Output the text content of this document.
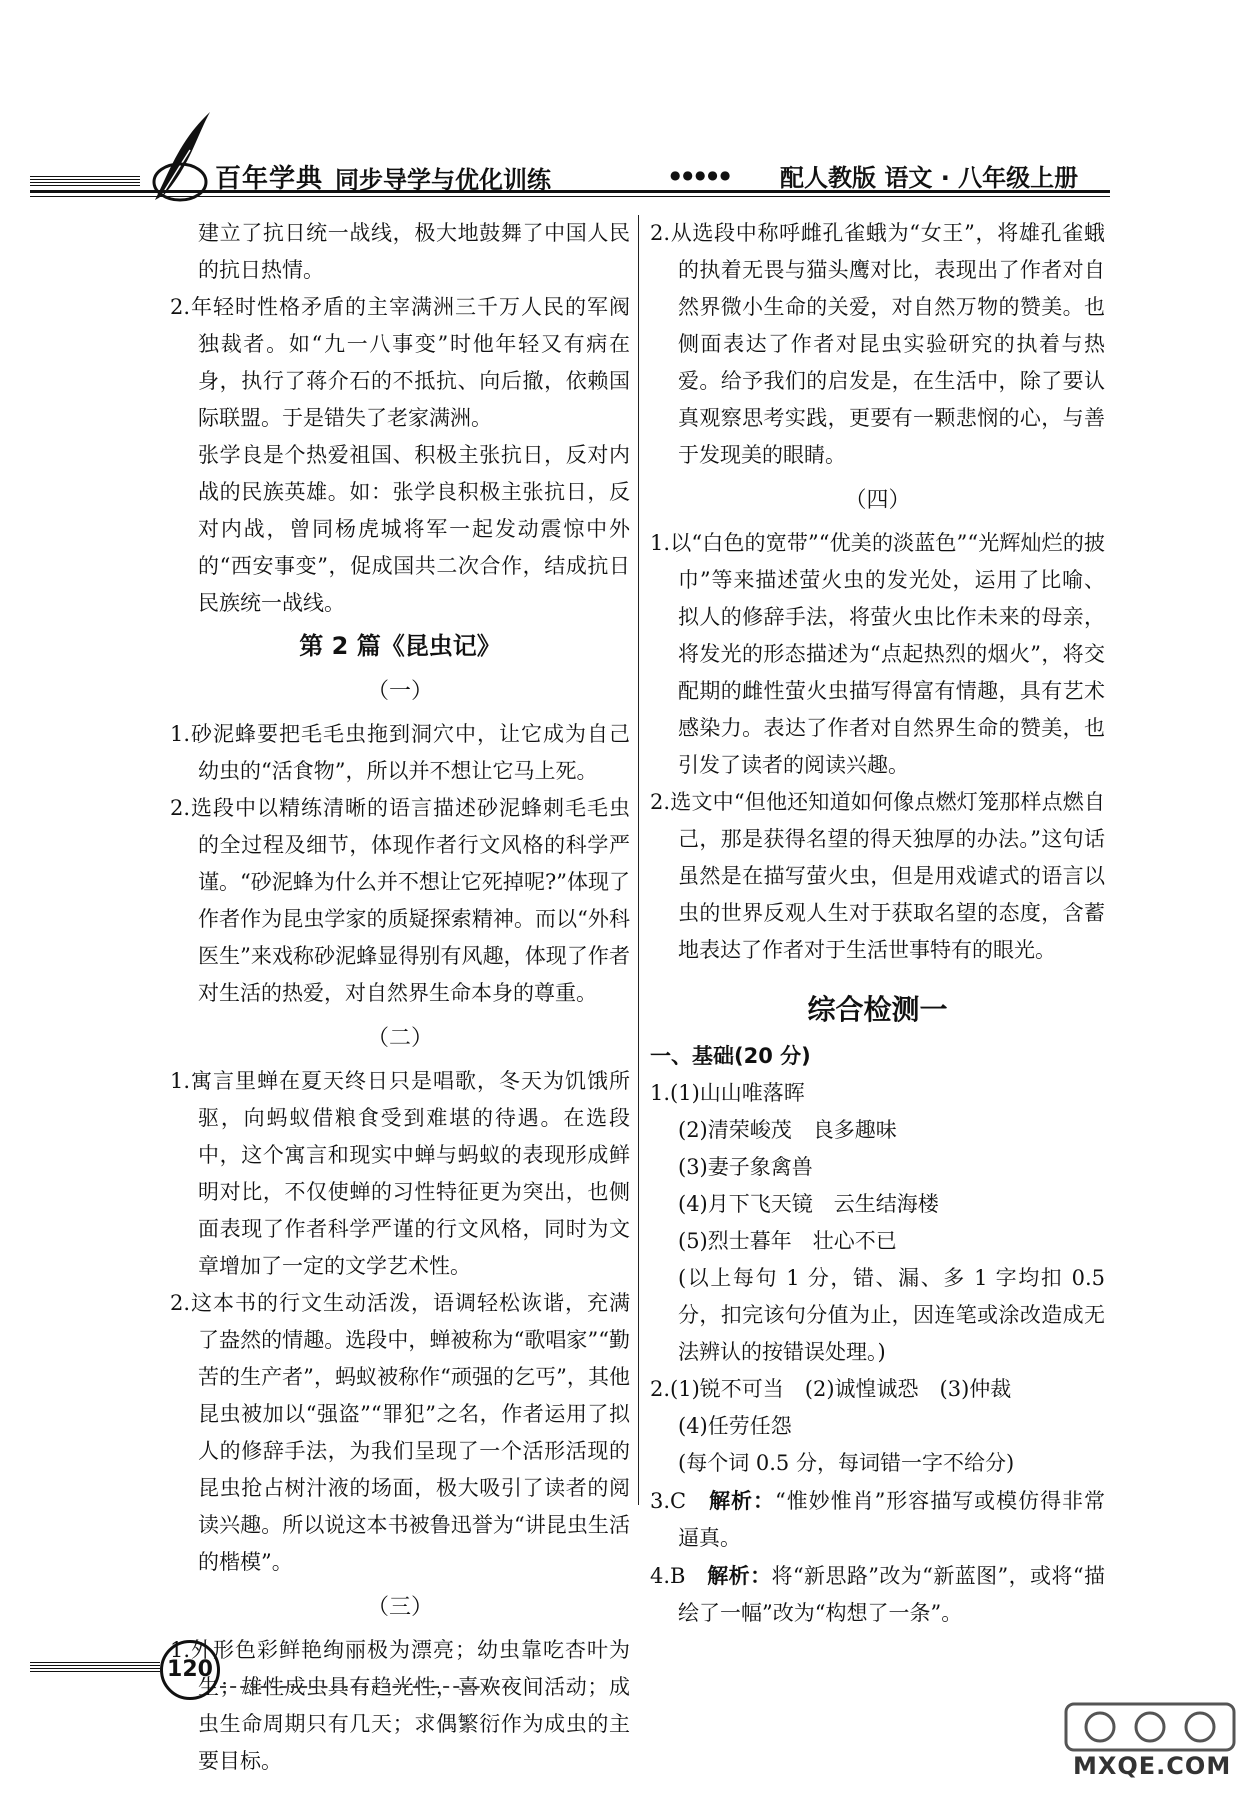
百年学典 同步导学与优化训练	●●●●● 配人教版 语文 · 八年级上册

建立了抗日统一战线，极大地鼓舞了中国人民的抗日热情。

2.年轻时性格矛盾的主宰满洲三千万人民的军阀独裁者。如“九一八事变”时他年轻又有病在身，执行了蒋介石的不抵抗、向后撤，依赖国际联盟。于是错失了老家满洲。

张学良是个热爱祖国、积极主张抗日，反对内战的民族英雄。如：张学良积极主张抗日，反对内战，曾同杨虎城将军一起发动震惊中外的“西安事变”，促成国共二次合作，结成抗日民族统一战线。

第 2 篇《昆虫记》
（一）

1.砂泥蜂要把毛毛虫拖到洞穴中，让它成为自己幼虫的“活食物”，所以并不想让它马上死。

2.选段中以精练清晰的语言描述砂泥蜂刺毛毛虫的全过程及细节，体现作者行文风格的科学严谨。“砂泥蜂为什么并不想让它死掉呢?”体现了作者作为昆虫学家的质疑探索精神。而以“外科医生”来戏称砂泥蜂显得别有风趣，体现了作者对生活的热爱，对自然界生命本身的尊重。

（二）

1.寓言里蝉在夏天终日只是唱歌，冬天为饥饿所驱，向蚂蚁借粮食受到难堪的待遇。在选段中，这个寓言和现实中蝉与蚂蚁的表现形成鲜明对比，不仅使蝉的习性特征更为突出，也侧面表现了作者科学严谨的行文风格，同时为文章增加了一定的文学艺术性。

2.这本书的行文生动活泼，语调轻松诙谐，充满了盎然的情趣。选段中，蝉被称为“歌唱家”“勤苦的生产者”，蚂蚁被称作“顽强的乞丐”，其他昆虫被加以“强盗”“罪犯”之名，作者运用了拟人的修辞手法，为我们呈现了一个活形活现的昆虫抢占树汁液的场面，极大吸引了读者的阅读兴趣。所以说这本书被鲁迅誉为“讲昆虫生活的楷模”。

（三）

1.外形色彩鲜艳绚丽极为漂亮；幼虫靠吃杏叶为生；雄性成虫具有趋光性，喜欢夜间活动；成虫生命周期只有几天；求偶繁衍作为成虫的主要目标。

2.从选段中称呼雌孔雀蛾为“女王”，将雄孔雀蛾的执着无畏与猫头鹰对比，表现出了作者对自然界微小生命的关爱，对自然万物的赞美。也侧面表达了作者对昆虫实验研究的执着与热爱。给予我们的启发是，在生活中，除了要认真观察思考实践，更要有一颗悲悯的心，与善于发现美的眼睛。

（四）

1.以“白色的宽带”“优美的淡蓝色”“光辉灿烂的披巾”等来描述萤火虫的发光处，运用了比喻、拟人的修辞手法，将萤火虫比作未来的母亲，将发光的形态描述为“点起热烈的烟火”，将交配期的雌性萤火虫描写得富有情趣，具有艺术感染力。表达了作者对自然界生命的赞美，也引发了读者的阅读兴趣。

2.选文中“但他还知道如何像点燃灯笼那样点燃自己，那是获得名望的得天独厚的办法。”这句话虽然是在描写萤火虫，但是用戏谑式的语言以虫的世界反观人生对于获取名望的态度，含蓄地表达了作者对于生活世事特有的眼光。

综合检测一

一、基础(20 分)

1.(1)山山唯落晖

(2)清荣峻茂　良多趣味

(3)妻子象禽兽

(4)月下飞天镜　云生结海楼

(5)烈士暮年　壮心不已

(以上每句 1 分，错、漏、多 1 字均扣 0.5 分，扣完该句分值为止，因连笔或涂改造成无法辨认的按错误处理。)

2.(1)锐不可当　(2)诚惶诚恐　(3)仲裁

(4)任劳任怨

(每个词 0.5 分，每词错一字不给分)

3.C　 解析：“惟妙惟肖”形容描写或模仿得非常逼真。

4.B　 解析：将“新思路”改为“新蓝图”，或将“描绘了一幅”改为“构想了一条”。

120
MXQE.COM
